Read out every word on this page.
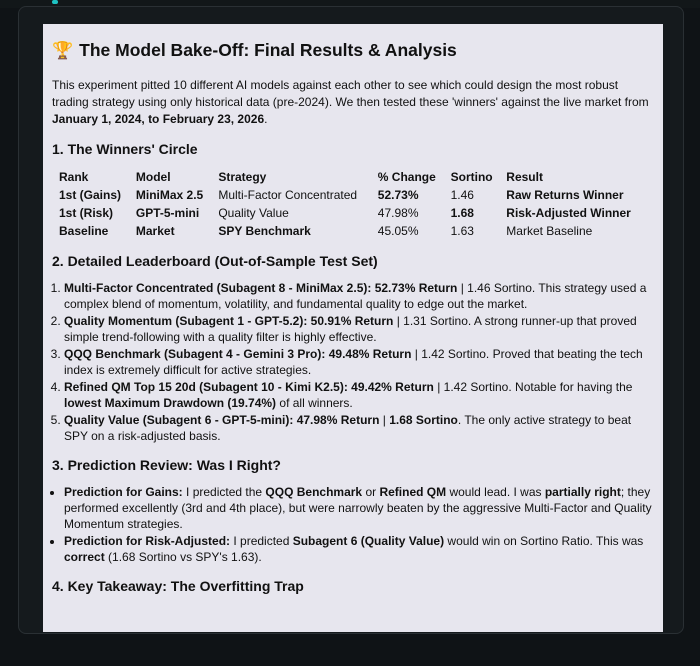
🏆 The Model Bake-Off: Final Results & Analysis

This experiment pitted 10 different AI models against each other to see which could design the most robust trading strategy using only historical data (pre-2024). We then tested these 'winners' against the live market from January 1, 2024, to February 23, 2026.

1. The Winners' Circle
Rank	Model	Strategy	% Change	Sortino	Result
1st (Gains)	MiniMax 2.5	Multi-Factor Concentrated	52.73%	1.46	Raw Returns Winner
1st (Risk)	GPT-5-mini	Quality Value	47.98%	1.68	Risk-Adjusted Winner
Baseline	Market	SPY Benchmark	45.05%	1.63	Market Baseline
2. Detailed Leaderboard (Out-of-Sample Test Set)
1. Multi-Factor Concentrated (Subagent 8 - MiniMax 2.5): 52.73% Return | 1.46 Sortino. This strategy used a complex blend of momentum, volatility, and fundamental quality to edge out the market.
2. Quality Momentum (Subagent 1 - GPT-5.2): 50.91% Return | 1.31 Sortino. A strong runner-up that proved simple trend-following with a quality filter is highly effective.
3. QQQ Benchmark (Subagent 4 - Gemini 3 Pro): 49.48% Return | 1.42 Sortino. Proved that beating the tech index is extremely difficult for active strategies.
4. Refined QM Top 15 20d (Subagent 10 - Kimi K2.5): 49.42% Return | 1.42 Sortino. Notable for having the lowest Maximum Drawdown (19.74%) of all winners.
5. Quality Value (Subagent 6 - GPT-5-mini): 47.98% Return | 1.68 Sortino. The only active strategy to beat SPY on a risk-adjusted basis.
3. Prediction Review: Was I Right?
• Prediction for Gains: I predicted the QQQ Benchmark or Refined QM would lead. I was partially right; they performed excellently (3rd and 4th place), but were narrowly beaten by the aggressive Multi-Factor and Quality Momentum strategies.
• Prediction for Risk-Adjusted: I predicted Subagent 6 (Quality Value) would win on Sortino Ratio. This was correct (1.68 Sortino vs SPY's 1.63).
4. Key Takeaway: The Overfitting Trap
